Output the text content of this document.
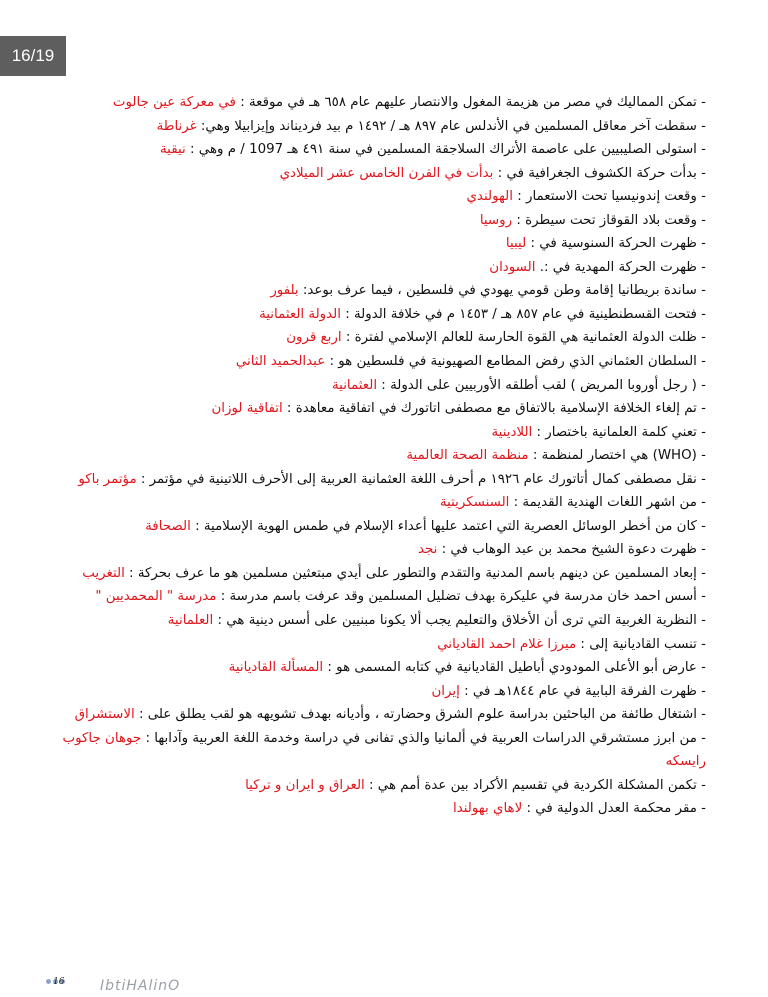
16/19
- تمكن المماليك في مصر من هزيمة المغول والانتصار عليهم عام ٦٥٨ هـ في موقعة : في معركة عين جالوت
- سقطت آخر معاقل المسلمين في الأندلس عام ٨٩٧ هـ / ١٤٩٢ م بيد فرديناند وإيزابيلا وهي: غرناطة
- استولى الصليبيين على عاصمة الأتراك السلاجقة المسلمين في سنة ٤٩١ هـ 1097 / م وهي : نيقية
- بدأت حركة الكشوف الجغرافية في : بدأت في القرن الخامس عشر الميلادي
- وقعت إندونيسيا تحت الاستعمار : الهولندي
- وقعت بلاد القوقاز تحت سيطرة : روسيا
- ظهرت الحركة السنوسية في : ليبيا
- ظهرت الحركة المهدية في :. السودان
- ساندة بريطانيا إقامة وطن قومي يهودي في فلسطين ، فيما عرف بوعد: بلفور
- فتحت القسطنطينية في عام ٨٥٧ هـ / ١٤٥٣ م في خلافة الدولة : الدولة العثمانية
- ظلت الدولة العثمانية هي القوة الحارسة للعالم الإسلامي لفترة : اربع قرون
- السلطان العثماني الذي رفض المطامع الصهيونية في فلسطين هو : عبدالحميد الثاني
- ( رجل أوروبا المريض ) لقب أطلقه الأوربيين على الدولة : العثمانية
- تم إلغاء الخلافة الإسلامية بالاتفاق مع مصطفى اتاتورك في اتفاقية معاهدة : اتفاقية لوزان
- تعني كلمة العلمانية باختصار : اللادينية
- (WHO) هي اختصار لمنظمة : منظمة الصحة العالمية
- نقل مصطفى كمال أتاتورك عام ١٩٢٦ م أحرف اللغة العثمانية العربية إلى الأحرف اللاتينية في مؤتمر : مؤتمر باكو
- من اشهر اللغات الهندية القديمة : السنسكريتية
- كان من أخطر الوسائل العصرية التي اعتمد عليها أعداء الإسلام في طمس الهوية الإسلامية : الصحافة
- ظهرت دعوة الشيخ محمد بن عبد الوهاب في : نجد
- إبعاد المسلمين عن دينهم باسم المدنية والتقدم والتطور على أيدي مبتعثين مسلمين هو ما عرف بحركة : التغريب
- أسس احمد خان مدرسة في عليكرة بهدف تضليل المسلمين وقد عرفت باسم مدرسة : مدرسة " المحمديين "
- النظرية الغربية التي ترى أن الأخلاق والتعليم يجب ألا يكونا مبنيين على أسس دينية هي : العلمانية
- تنسب القاديانية إلى : ميرزا غلام احمد القادياني
- عارض أبو الأعلى المودودي أباطيل القاديانية في كتابه المسمى هو : المسألة القاديانية
- ظهرت الفرقة البابية في عام ١٨٤٤هـ في : إيران
- اشتغال طائفة من الباحثين بدراسة علوم الشرق وحضارته ، وأديانه بهدف تشويهه هو لقب يطلق على : الاستشراق
- من ابرز مستشرقي الدراسات العربية في ألمانيا والذي تفانى في دراسة وخدمة اللغة العربية وآدابها : جوهان جاكوب رايسكه
- تكمن المشكلة الكردية في تقسيم الأكراد بين عدة أمم هي : العراق و ايران و تركيا
- مقر محكمة العدل الدولية في : لاهاي بهولندا
16	IbtiHAlinO
